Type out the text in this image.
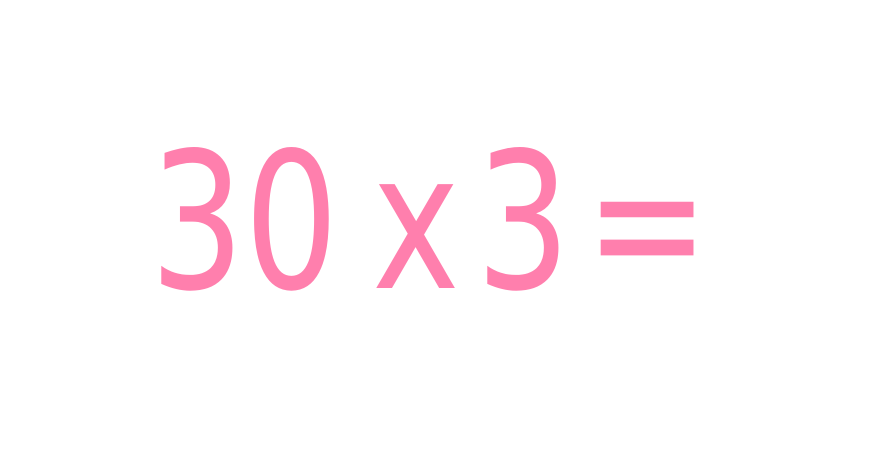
30 x 3 =
